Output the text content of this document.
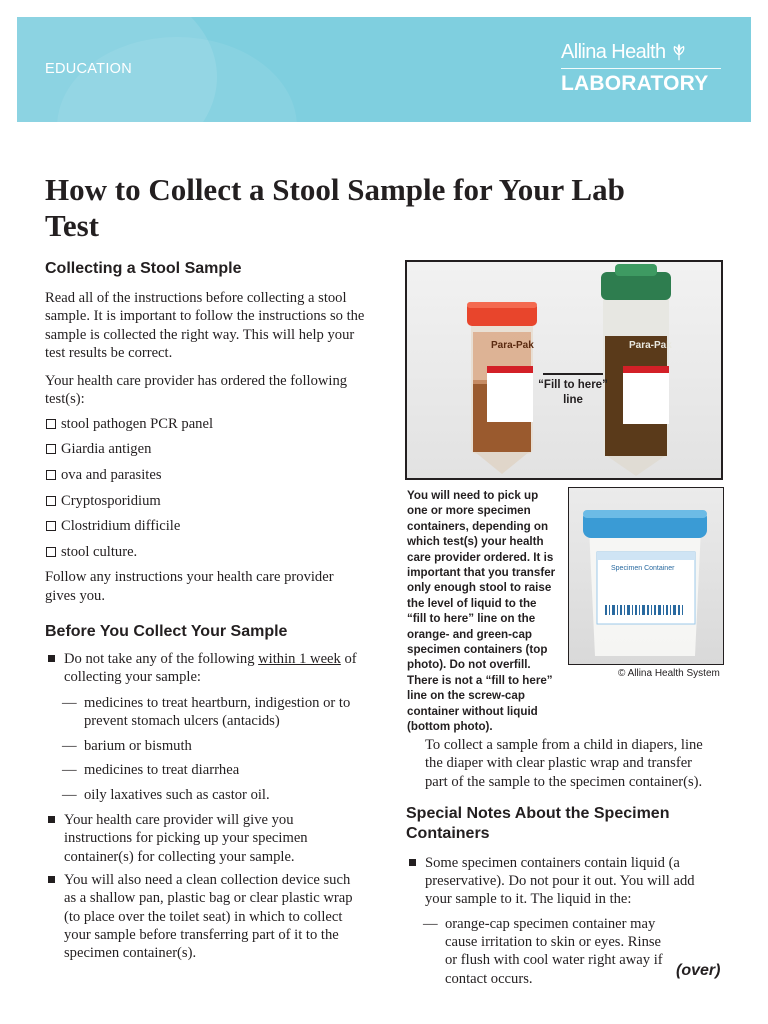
EDUCATION
Allina Health
LABORATORY
How to Collect a Stool Sample for Your Lab Test
Collecting a Stool Sample

Read all of the instructions before collecting a stool sample. It is important to follow the instructions so the sample is collected the right way. This will help your test results be correct.

Your health care provider has ordered the following test(s):

stool pathogen PCR panel
Giardia antigen
ova and parasites
Cryptosporidium
Clostridium difficile
stool culture.

Follow any instructions your health care provider gives you.

Before You Collect Your Sample
Do not take any of the following within 1 week of collecting your sample:
— medicines to treat heartburn, indigestion or to prevent stomach ulcers (antacids)
— barium or bismuth
— medicines to treat diarrhea
— oily laxatives such as castor oil.
Your health care provider will give you instructions for picking up your specimen container(s) for collecting your sample.
You will also need a clean collection device such as a shallow pan, plastic bag or clear plastic wrap (to place over the toilet seat) in which to collect your sample before transferring part of it to the specimen container(s).
Para-Pak	Para-Pak
“Fill to here” line
You will need to pick up one or more specimen containers, depending on which test(s) your health care provider ordered. It is important that you transfer only enough stool to raise the level of liquid to the “fill to here” line on the orange- and green-cap specimen containers (top photo). Do not overfill. There is not a “fill to here” line on the screw-cap container without liquid (bottom photo).
Specimen Container
© Allina Health System

To collect a sample from a child in diapers, line the diaper with clear plastic wrap and transfer part of the sample to the specimen container(s).

Special Notes About the Specimen Containers
Some specimen containers contain liquid (a preservative). Do not pour it out. You will add your sample to it. The liquid in the:
— orange-cap specimen container may cause irritation to skin or eyes. Rinse or flush with cool water right away if contact occurs.	(over)
